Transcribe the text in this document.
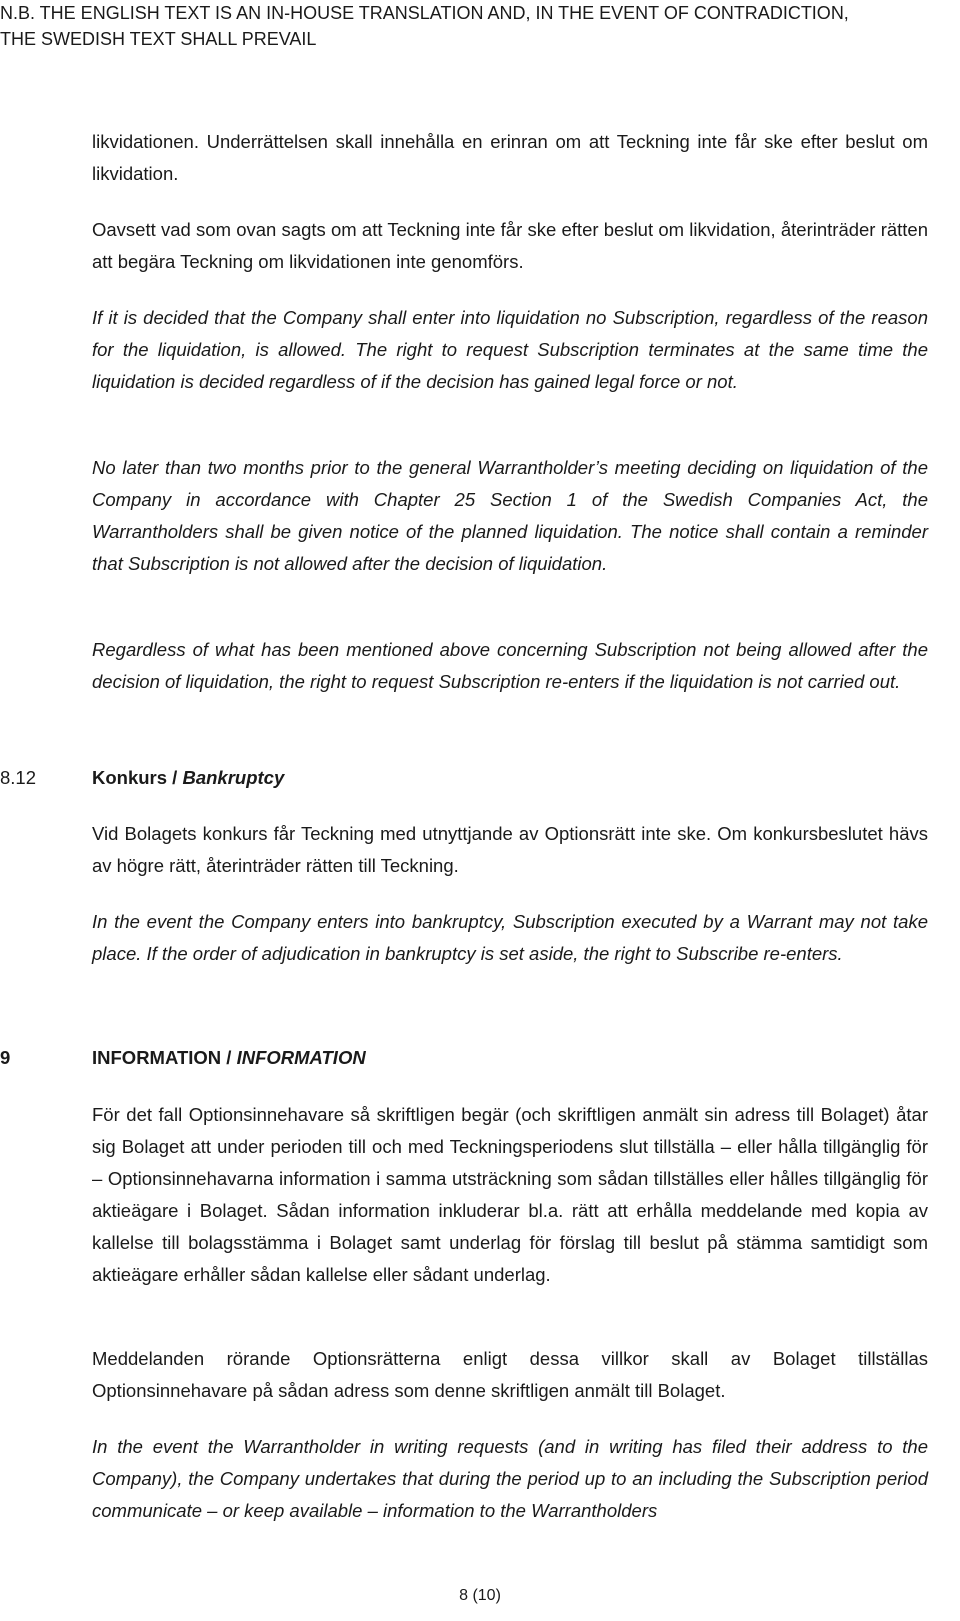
N.B. THE ENGLISH TEXT IS AN IN-HOUSE TRANSLATION AND, IN THE EVENT OF CONTRADICTION,
THE SWEDISH TEXT SHALL PREVAIL
likvidationen. Underrättelsen skall innehålla en erinran om att Teckning inte får ske efter beslut om likvidation.
Oavsett vad som ovan sagts om att Teckning inte får ske efter beslut om likvidation, återinträder rätten att begära Teckning om likvidationen inte genomförs.
If it is decided that the Company shall enter into liquidation no Subscription, regardless of the reason for the liquidation, is allowed. The right to request Subscription terminates at the same time the liquidation is decided regardless of if the decision has gained legal force or not.
No later than two months prior to the general Warrantholder’s meeting deciding on liquidation of the Company in accordance with Chapter 25 Section 1 of the Swedish Companies Act, the Warrantholders shall be given notice of the planned liquidation. The notice shall contain a reminder that Subscription is not allowed after the decision of liquidation.
Regardless of what has been mentioned above concerning Subscription not being allowed after the decision of liquidation, the right to request Subscription re-enters if the liquidation is not carried out.
8.12	Konkurs / Bankruptcy
Vid Bolagets konkurs får Teckning med utnyttjande av Optionsrätt inte ske. Om konkursbeslutet hävs av högre rätt, återinträder rätten till Teckning.
In the event the Company enters into bankruptcy, Subscription executed by a Warrant may not take place. If the order of adjudication in bankruptcy is set aside, the right to Subscribe re-enters.
9	INFORMATION / INFORMATION
För det fall Optionsinnehavare så skriftligen begär (och skriftligen anmält sin adress till Bolaget) åtar sig Bolaget att under perioden till och med Teckningsperiodens slut tillställa – eller hålla tillgänglig för – Optionsinnehavarna information i samma utsträckning som sådan tillställes eller hålles tillgänglig för aktieägare i Bolaget. Sådan information inkluderar bl.a. rätt att erhålla meddelande med kopia av kallelse till bolagsstämma i Bolaget samt underlag för förslag till beslut på stämma samtidigt som aktieägare erhåller sådan kallelse eller sådant underlag.
Meddelanden rörande Optionsrätterna enligt dessa villkor skall av Bolaget tillställas Optionsinnehavare på sådan adress som denne skriftligen anmält till Bolaget.
In the event the Warrantholder in writing requests (and in writing has filed their address to the Company), the Company undertakes that during the period up to an including the Subscription period communicate – or keep available – information to the Warrantholders
8 (10)
